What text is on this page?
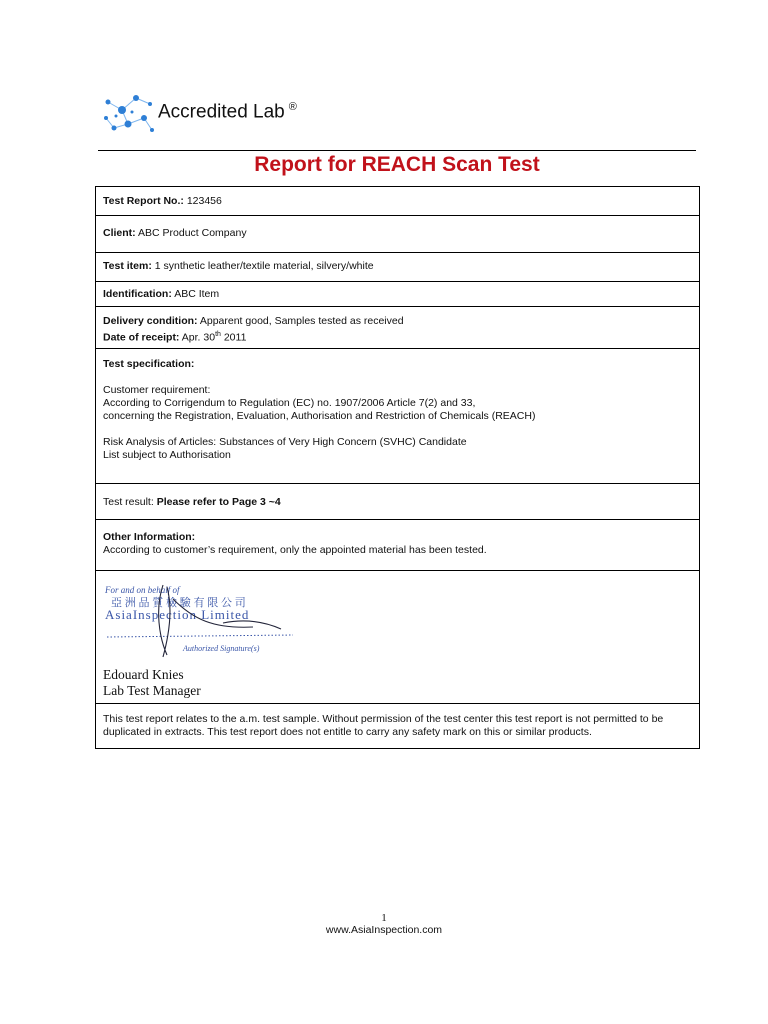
Accredited Lab ®
Report for REACH Scan Test
Test Report No.: 123456
Client: ABC Product Company
Test item: 1 synthetic leather/textile material, silvery/white
Identification: ABC Item
Delivery condition: Apparent good, Samples tested as received
Date of receipt: Apr. 30th 2011
Test specification:
Customer requirement:
According to Corrigendum to Regulation (EC) no. 1907/2006 Article 7(2) and 33,
concerning the Registration, Evaluation, Authorisation and Restriction of Chemicals (REACH)
Risk Analysis of Articles: Substances of Very High Concern (SVHC) Candidate
List subject to Authorisation
Test result: Please refer to Page 3 ~4
Other Information:
According to customer’s requirement, only the appointed material has been tested.
For and on behalf of
亞 洲 品 質 檢 驗 有 限 公 司
AsiaInspection Limited
Authorized Signature(s)
Edouard Knies
Lab Test Manager
This test report relates to the a.m. test sample. Without permission of the test center this test report is not permitted to be duplicated in extracts. This test report does not entitle to carry any safety mark on this or similar products.
1
www.AsiaInspection.com
